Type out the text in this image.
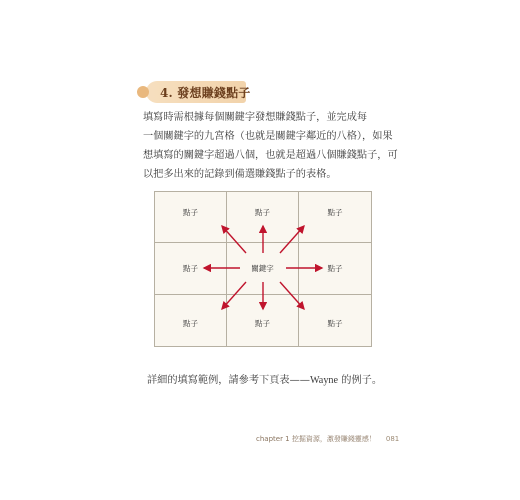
4. 發想賺錢點子

填寫時需根據每個關鍵字發想賺錢點子，並完成每

一個關鍵字的九宮格（也就是關鍵字鄰近的八格），如果

想填寫的關鍵字超過八個，也就是超過八個賺錢點子，可

以把多出來的記錄到備選賺錢點子的表格。

點子	點子	點子
點子	關鍵字	點子
點子	點子	點子
詳細的填寫範例，請參考下頁表——Wayne 的例子。
chapter 1 挖掘資源，激發賺錢靈感！ 081
